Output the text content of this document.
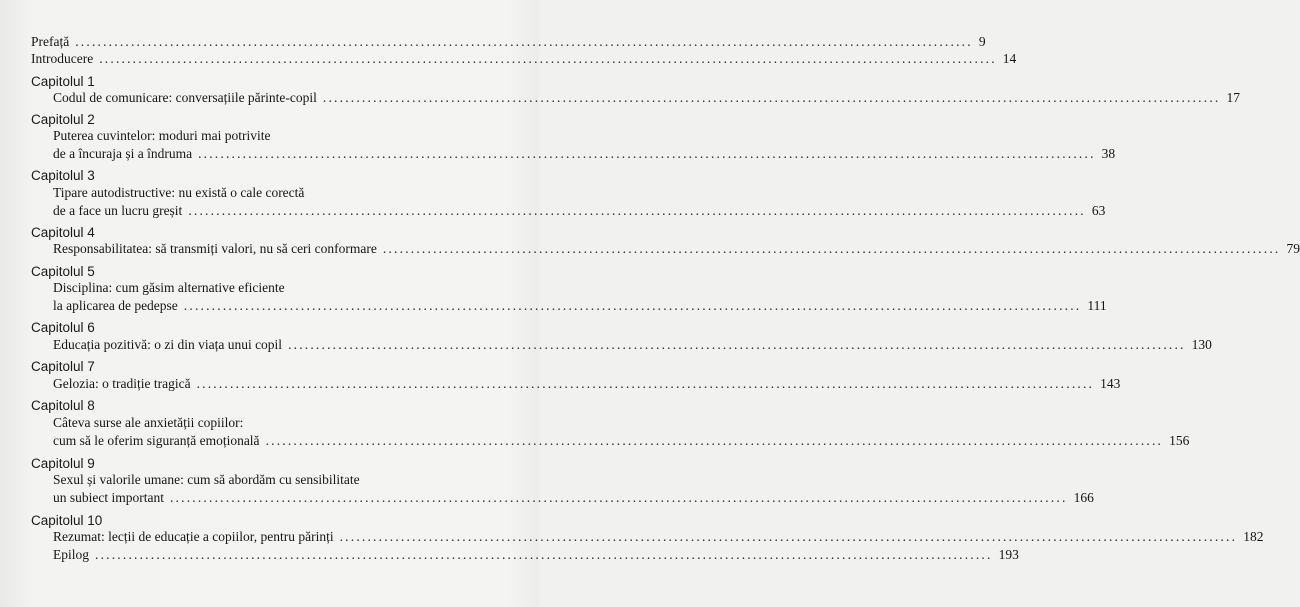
Prefață ................................................................................................................................................................. 9
Introducere ................................................................................................................................................................. 14
Capitolul 1
Codul de comunicare: conversațiile părinte-copil ................................................................................................................................................................. 17
Capitolul 2
Puterea cuvintelor: moduri mai potrivite
de a încuraja și a îndruma ................................................................................................................................................................. 38
Capitolul 3
Tipare autodistructive: nu există o cale corectă
de a face un lucru greșit ................................................................................................................................................................. 63
Capitolul 4
Responsabilitatea: să transmiți valori, nu să ceri conformare ................................................................................................................................................................. 79
Capitolul 5
Disciplina: cum găsim alternative eficiente
la aplicarea de pedepse ................................................................................................................................................................. 111
Capitolul 6
Educația pozitivă: o zi din viața unui copil ................................................................................................................................................................. 130
Capitolul 7
Gelozia: o tradiție tragică ................................................................................................................................................................. 143
Capitolul 8
Câteva surse ale anxietății copiilor:
cum să le oferim siguranță emoțională ................................................................................................................................................................. 156
Capitolul 9
Sexul și valorile umane: cum să abordăm cu sensibilitate
un subiect important ................................................................................................................................................................. 166
Capitolul 10
Rezumat: lecții de educație a copiilor, pentru părinți ................................................................................................................................................................. 182
Epilog ................................................................................................................................................................. 193
